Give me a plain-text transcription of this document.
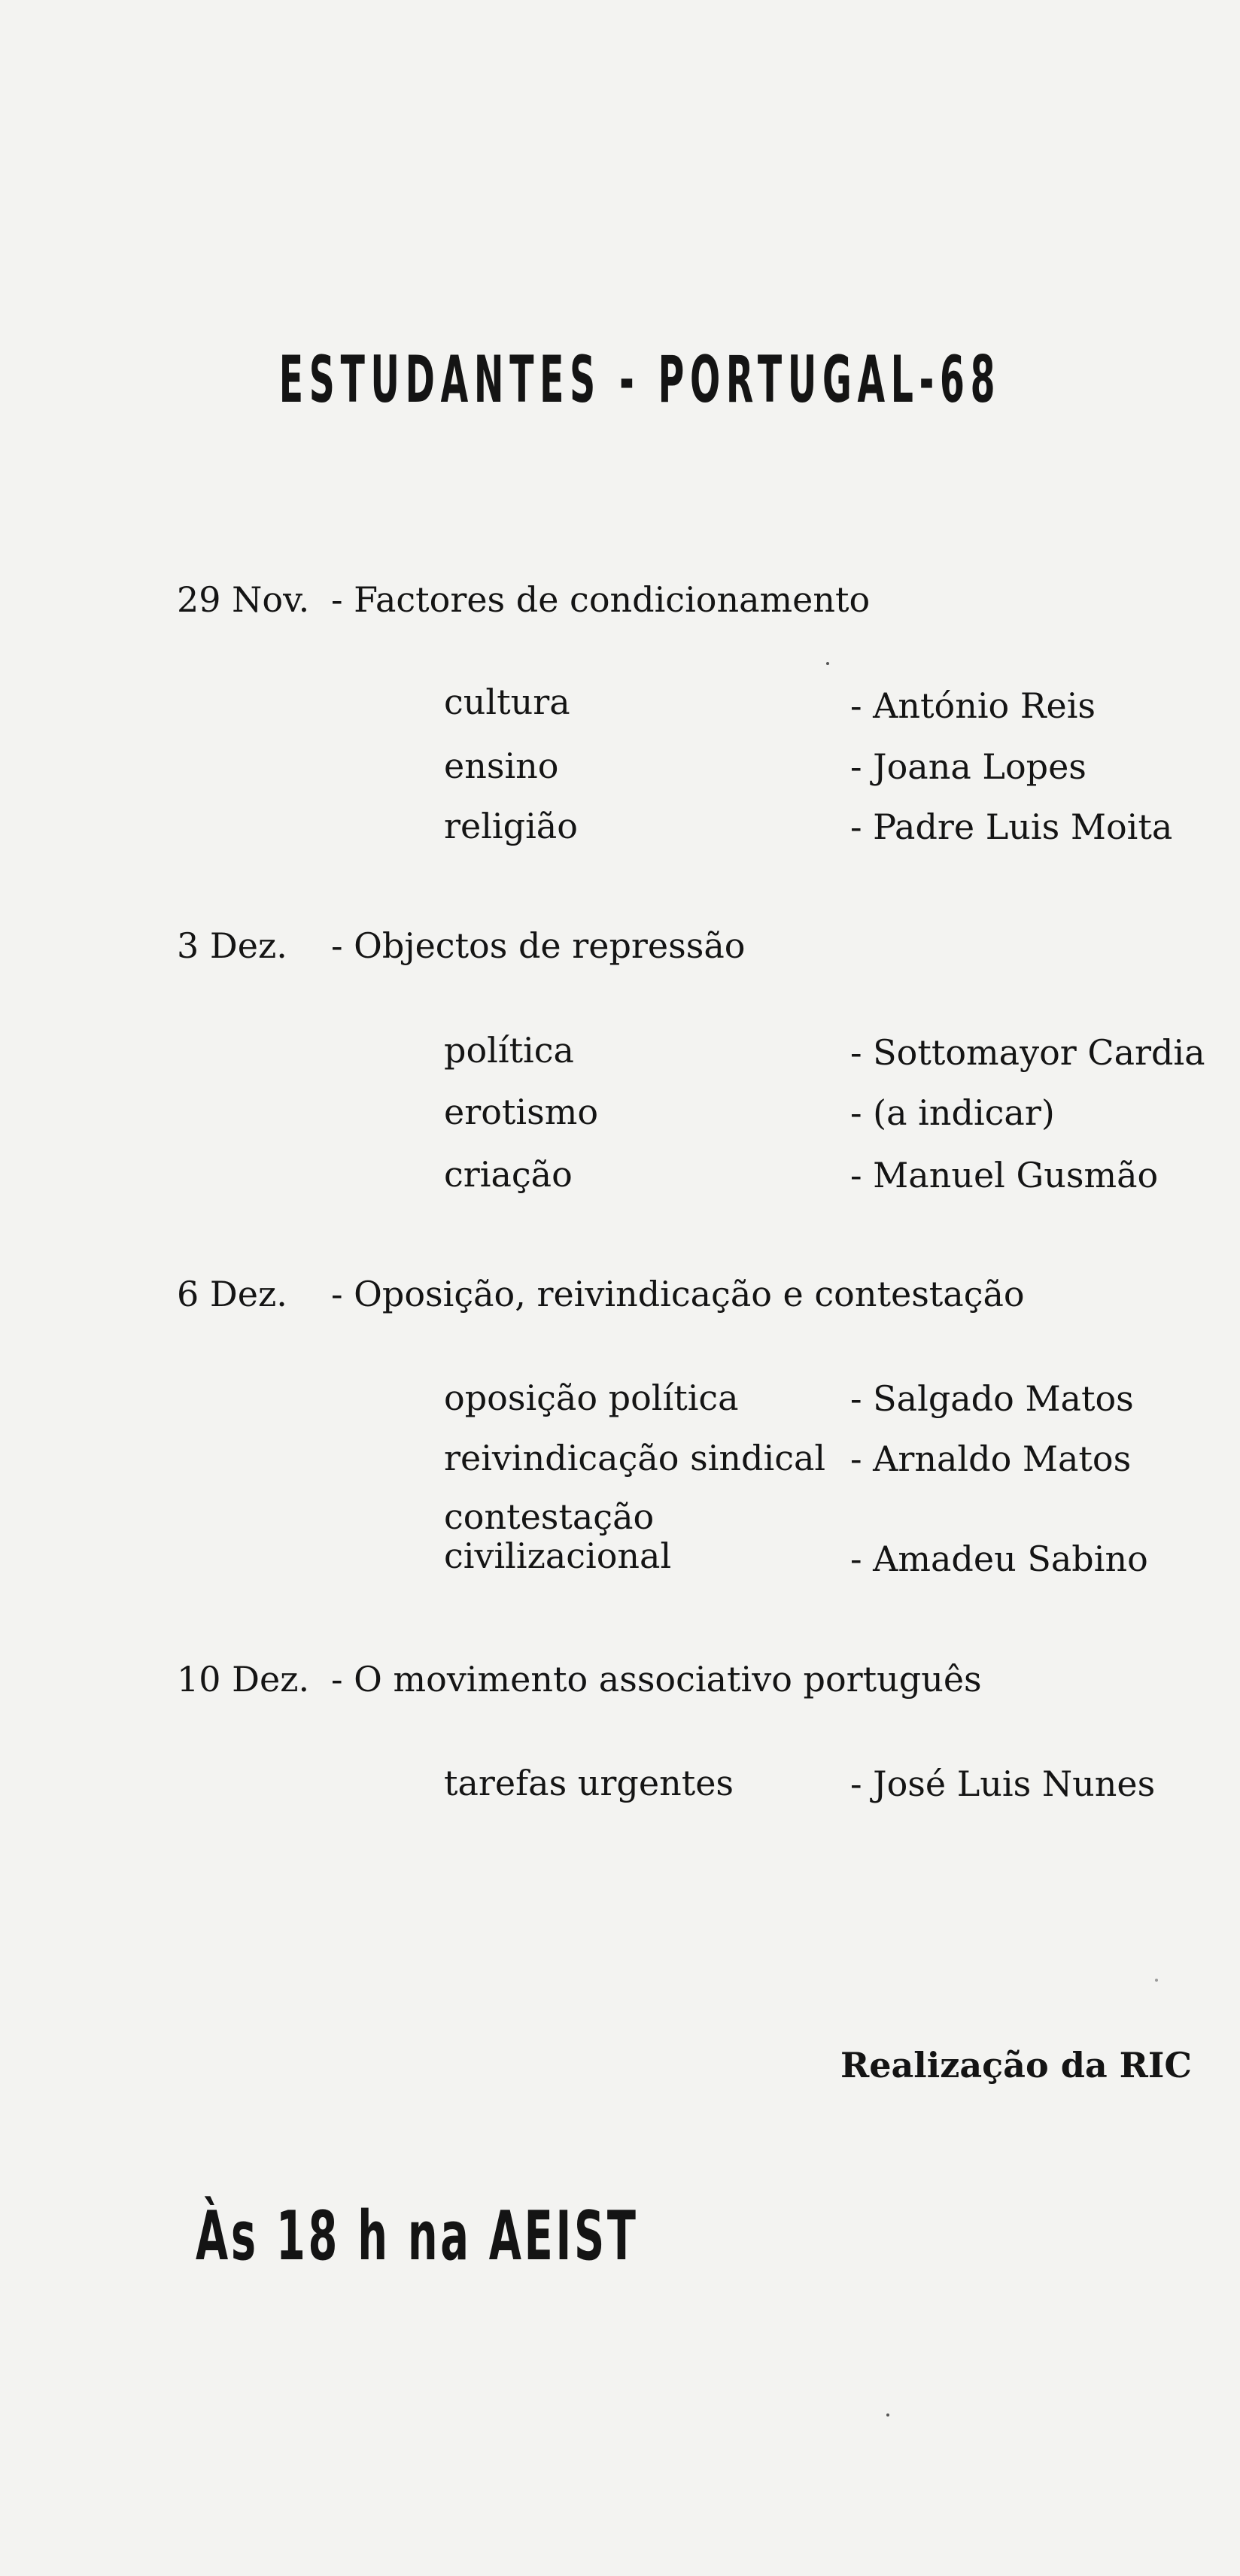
ESTUDANTES - PORTUGAL-68
29 Nov. - Factores de condicionamento
cultura	- António Reis
ensino	- Joana Lopes
religião	- Padre Luis Moita
3 Dez. - Objectos de repressão
política	- Sottomayor Cardia
erotismo	- (a indicar)
criação	- Manuel Gusmão
6 Dez. - Oposição, reivindicação e contestação
oposição política	- Salgado Matos
reivindicação sindical - Arnaldo Matos
contestação
civilizacional	- Amadeu Sabino
10 Dez. - O movimento associativo português
tarefas urgentes	- José Luis Nunes
Realização da RIC
Às 18 h na AEIST
